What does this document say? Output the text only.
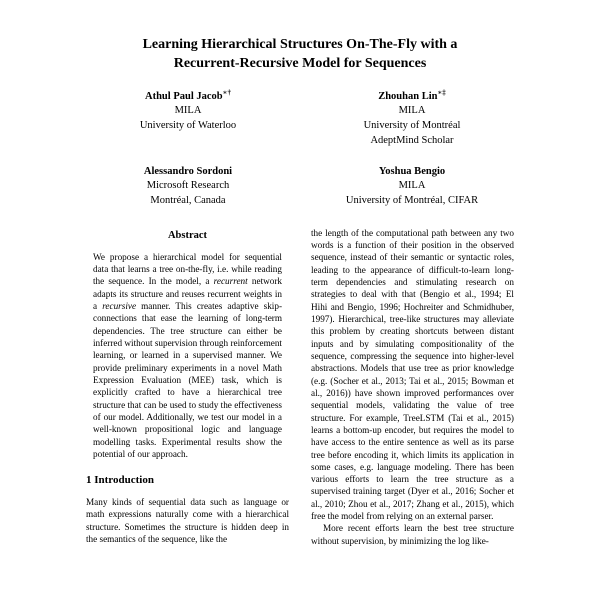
Learning Hierarchical Structures On-The-Fly with a Recurrent-Recursive Model for Sequences
Athul Paul Jacob∗†
MILA
University of Waterloo
Zhouhan Lin∗‡
MILA
University of Montréal
AdeptMind Scholar
Alessandro Sordoni
Microsoft Research
Montréal, Canada
Yoshua Bengio
MILA
University of Montréal, CIFAR
Abstract

We propose a hierarchical model for sequential data that learns a tree on-the-fly, i.e. while reading the sequence. In the model, a recurrent network adapts its structure and reuses recurrent weights in a recursive manner. This creates adaptive skip-connections that ease the learning of long-term dependencies. The tree structure can either be inferred without supervision through reinforcement learning, or learned in a supervised manner. We provide preliminary experiments in a novel Math Expression Evaluation (MEE) task, which is explicitly crafted to have a hierarchical tree structure that can be used to study the effectiveness of our model. Additionally, we test our model in a well-known propositional logic and language modelling tasks. Experimental results show the potential of our approach.

1 Introduction

Many kinds of sequential data such as language or math expressions naturally come with a hierarchical structure. Sometimes the structure is hidden deep in the semantics of the sequence, like the

the length of the computational path between any two words is a function of their position in the observed sequence, instead of their semantic or syntactic roles, leading to the appearance of difficult-to-learn long-term dependencies and stimulating research on strategies to deal with that (Bengio et al., 1994; El Hihi and Bengio, 1996; Hochreiter and Schmidhuber, 1997). Hierarchical, tree-like structures may alleviate this problem by creating shortcuts between distant inputs and by simulating compositionality of the sequence, compressing the sequence into higher-level abstractions. Models that use tree as prior knowledge (e.g. (Socher et al., 2013; Tai et al., 2015; Bowman et al., 2016)) have shown improved performances over sequential models, validating the value of tree structure. For example, TreeLSTM (Tai et al., 2015) learns a bottom-up encoder, but requires the model to have access to the entire sentence as well as its parse tree before encoding it, which limits its application in some cases, e.g. language modeling. There has been various efforts to learn the tree structure as a supervised training target (Dyer et al., 2016; Socher et al., 2010; Zhou et al., 2017; Zhang et al., 2015), which free the model from relying on an external parser.

More recent efforts learn the best tree structure without supervision, by minimizing the log like-
